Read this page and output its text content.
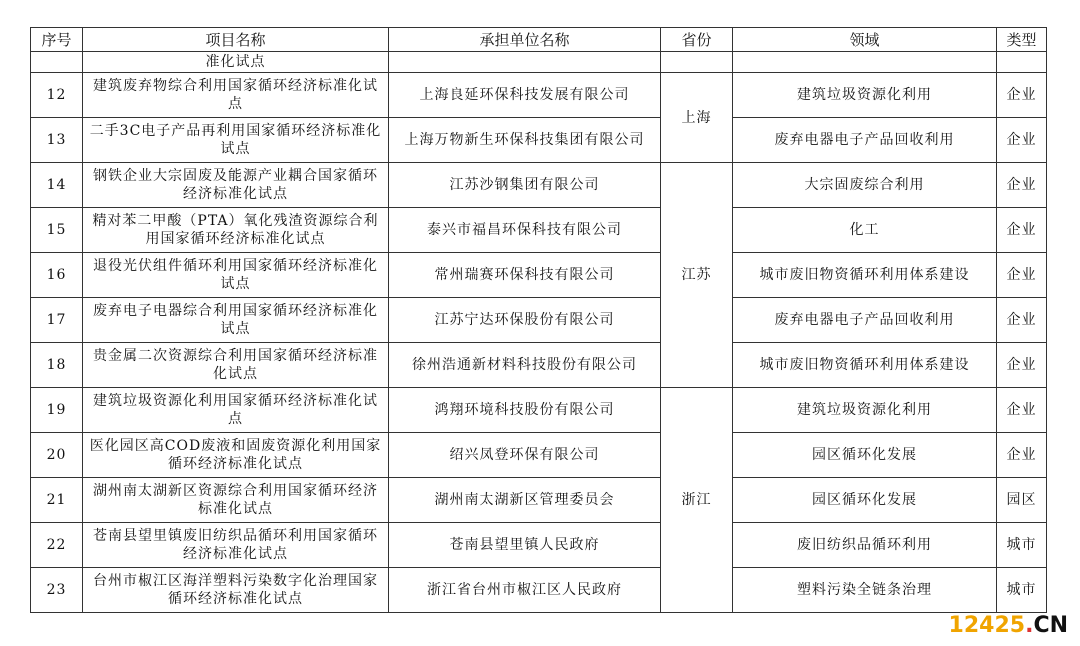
序号	项目名称	承担单位名称	省份	领域	类型
	准化试点				
12	建筑废弃物综合利用国家循环经济标准化试点	上海良延环保科技发展有限公司	上海	建筑垃圾资源化利用	企业
13	二手3C电子产品再利用国家循环经济标准化试点	上海万物新生环保科技集团有限公司		废弃电器电子产品回收利用	企业
14	钢铁企业大宗固废及能源产业耦合国家循环经济标准化试点	江苏沙钢集团有限公司	江苏	大宗固废综合利用	企业
15	精对苯二甲酸（PTA）氧化残渣资源综合利用国家循环经济标准化试点	泰兴市福昌环保科技有限公司		化工	企业
16	退役光伏组件循环利用国家循环经济标准化试点	常州瑞赛环保科技有限公司		城市废旧物资循环利用体系建设	企业
17	废弃电子电器综合利用国家循环经济标准化试点	江苏宁达环保股份有限公司		废弃电器电子产品回收利用	企业
18	贵金属二次资源综合利用国家循环经济标准化试点	徐州浩通新材料科技股份有限公司		城市废旧物资循环利用体系建设	企业
19	建筑垃圾资源化利用国家循环经济标准化试点	鸿翔环境科技股份有限公司	浙江	建筑垃圾资源化利用	企业
20	医化园区高COD废液和固废资源化利用国家循环经济标准化试点	绍兴凤登环保有限公司		园区循环化发展	企业
21	湖州南太湖新区资源综合利用国家循环经济标准化试点	湖州南太湖新区管理委员会		园区循环化发展	园区
22	苍南县望里镇废旧纺织品循环利用国家循环经济标准化试点	苍南县望里镇人民政府		废旧纺织品循环利用	城市
23	台州市椒江区海洋塑料污染数字化治理国家循环经济标准化试点	浙江省台州市椒江区人民政府		塑料污染全链条治理	城市
12425.CN
